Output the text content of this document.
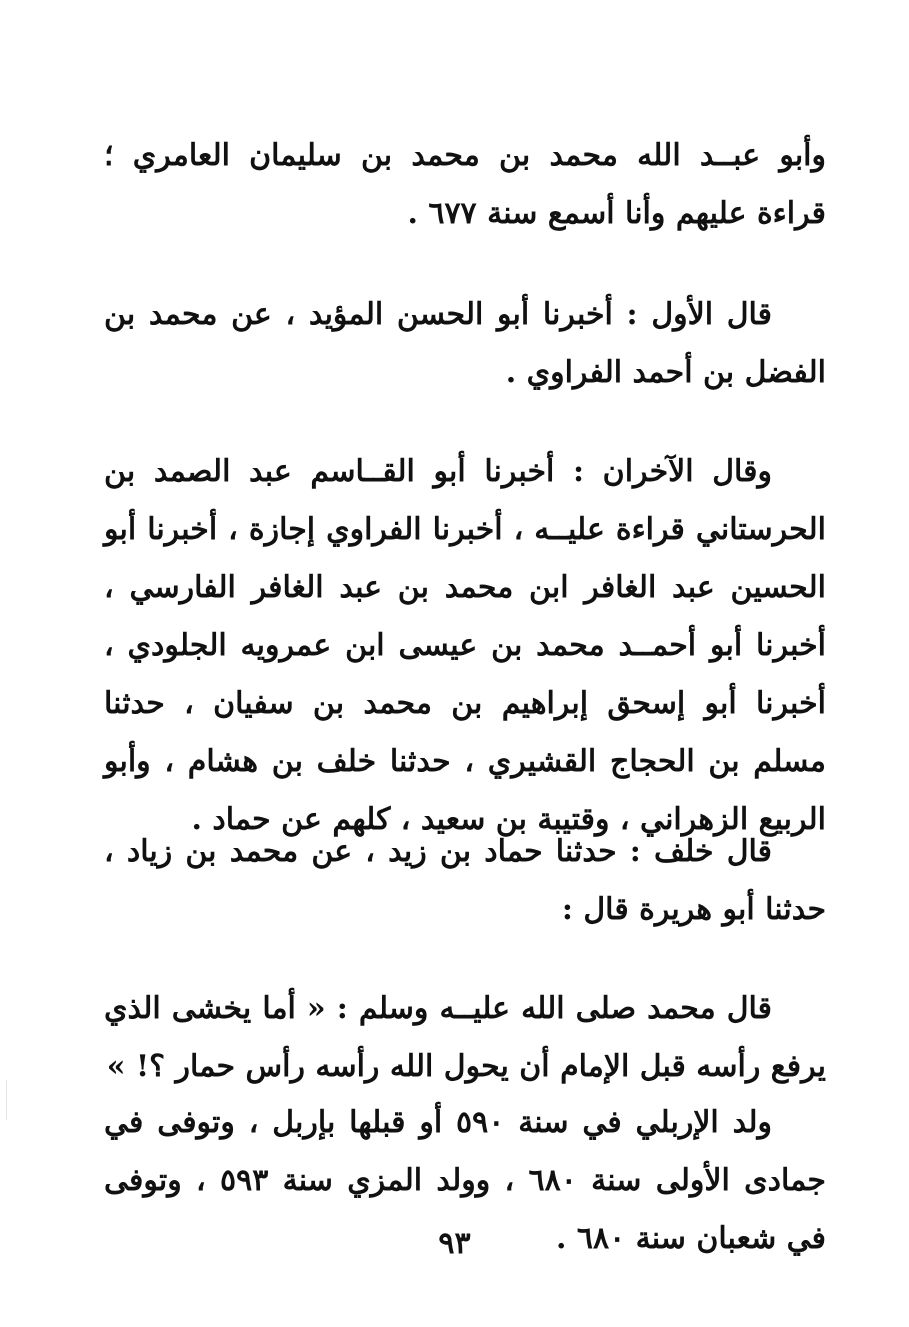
وأبو عبــد الله محمد بن محمد بن سليمان العامري ؛ قراءة عليهم وأنا أسمع سنة ٦٧٧ .
قال الأول : أخبرنا أبو الحسن المؤيد ، عن محمد بن الفضل بن أحمد الفراوي .
وقال الآخران : أخبرنا أبو القــاسم عبد الصمد بن الحرستاني قراءة عليــه ، أخبرنا الفراوي إجازة ، أخبرنا أبو الحسين عبد الغافر ابن محمد بن عبد الغافر الفارسي ، أخبرنا أبو أحمــد محمد بن عيسى ابن عمرويه الجلودي ، أخبرنا أبو إسحق إبراهيم بن محمد بن سفيان ، حدثنا مسلم بن الحجاج القشيري ، حدثنا خلف بن هشام ، وأبو الربيع الزهراني ، وقتيبة بن سعيد ، كلهم عن حماد .
قال خلف : حدثنا حماد بن زيد ، عن محمد بن زياد ، حدثنا أبو هريرة قال :
قال محمد صلى الله عليــه وسلم : « أما يخشى الذي يرفع رأسه قبل الإمام أن يحول الله رأسه رأس حمار ؟! »
ولد الإربلي في سنة ٥٩٠ أو قبلها بإربل ، وتوفى في جمادى الأولى سنة ٦٨٠ ، وولد المزي سنة ٥٩٣ ، وتوفى في شعبان سنة ٦٨٠ .
٩٣
